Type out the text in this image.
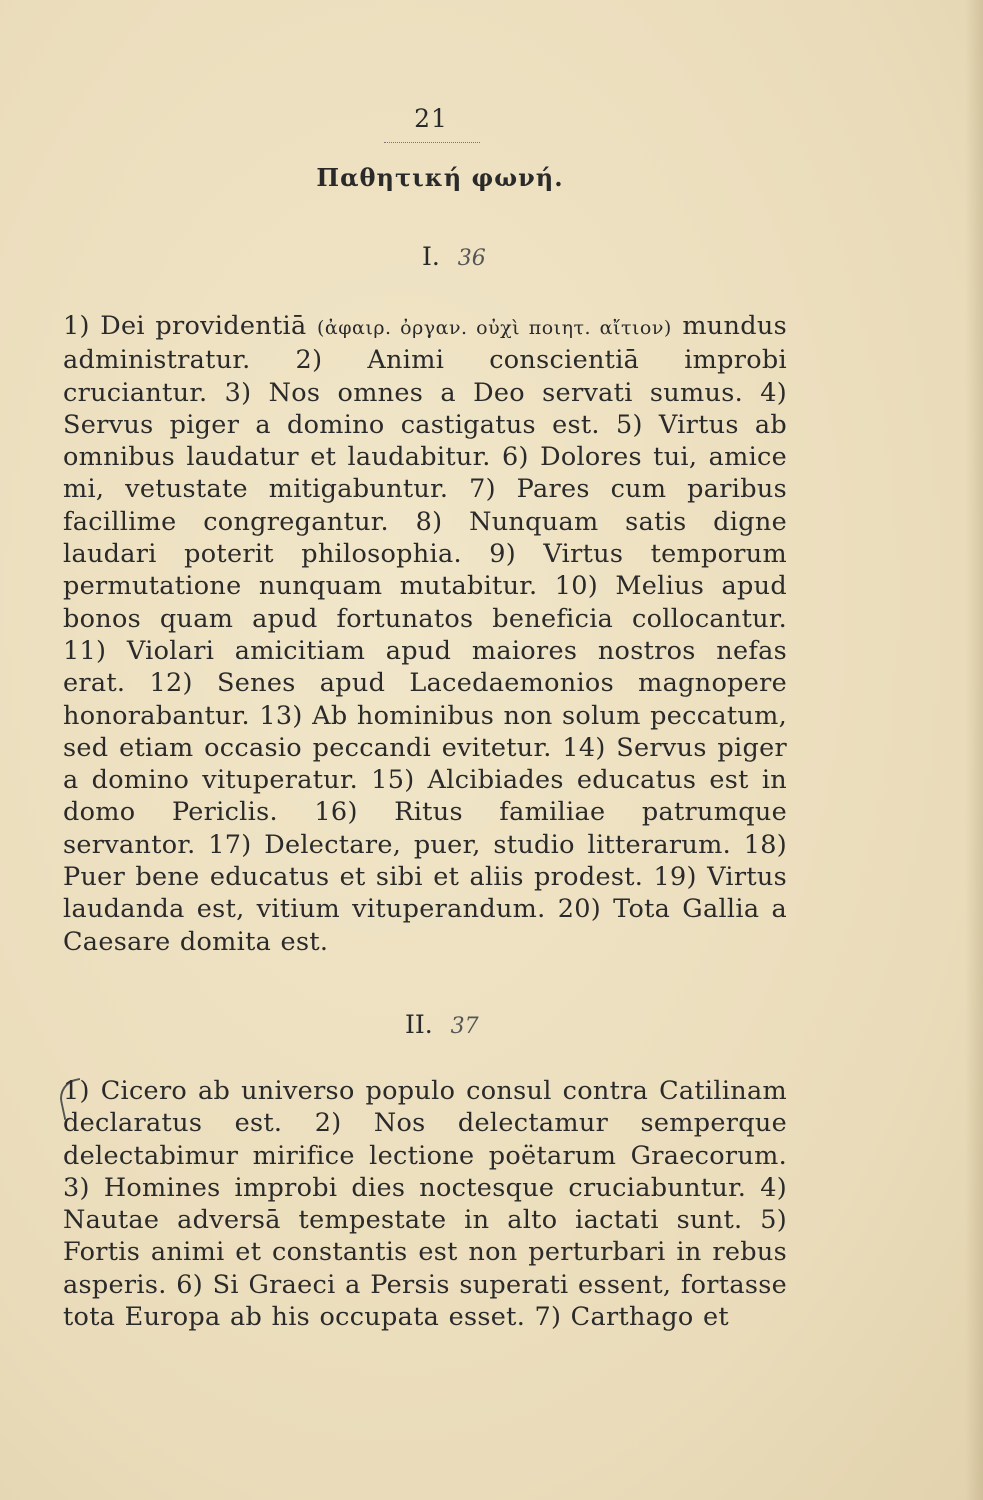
21
Παθητική φωνή.
I. 36
1) Dei providentiā (ἀφαιρ. ὀργαν. οὐχὶ ποιητ. αἴτιον) mundus administratur. 2) Animi conscientiā improbi cruciantur. 3) Nos omnes a Deo servati sumus. 4) Servus piger a domino castigatus est. 5) Virtus ab omnibus laudatur et laudabitur. 6) Dolores tui, amice mi, vetustate mitigabuntur. 7) Pares cum paribus facillime congregantur. 8) Nunquam satis digne laudari poterit philosophia. 9) Virtus temporum permutatione nunquam mutabitur. 10) Melius apud bonos quam apud fortunatos beneficia collocantur. 11) Violari amicitiam apud maiores nostros nefas erat. 12) Senes apud Lacedaemonios magnopere honorabantur. 13) Ab hominibus non solum peccatum, sed etiam occasio peccandi evitetur. 14) Servus piger a domino vituperatur. 15) Alcibiades educatus est in domo Periclis. 16) Ritus familiae patrumque servantor. 17) Delectare, puer, studio litterarum. 18) Puer bene educatus et sibi et aliis prodest. 19) Virtus laudanda est, vitium vituperandum. 20) Tota Gallia a Caesare domita est.
II. 37
1) Cicero ab universo populo consul contra Catilinam declaratus est. 2) Nos delectamur semperque delectabimur mirifice lectione poëtarum Graecorum. 3) Homines improbi dies noctesque cruciabuntur. 4) Nautae adversā tempestate in alto iactati sunt. 5) Fortis animi et constantis est non perturbari in rebus asperis. 6) Si Graeci a Persis superati essent, fortasse tota Europa ab his occupata esset. 7) Carthago et
